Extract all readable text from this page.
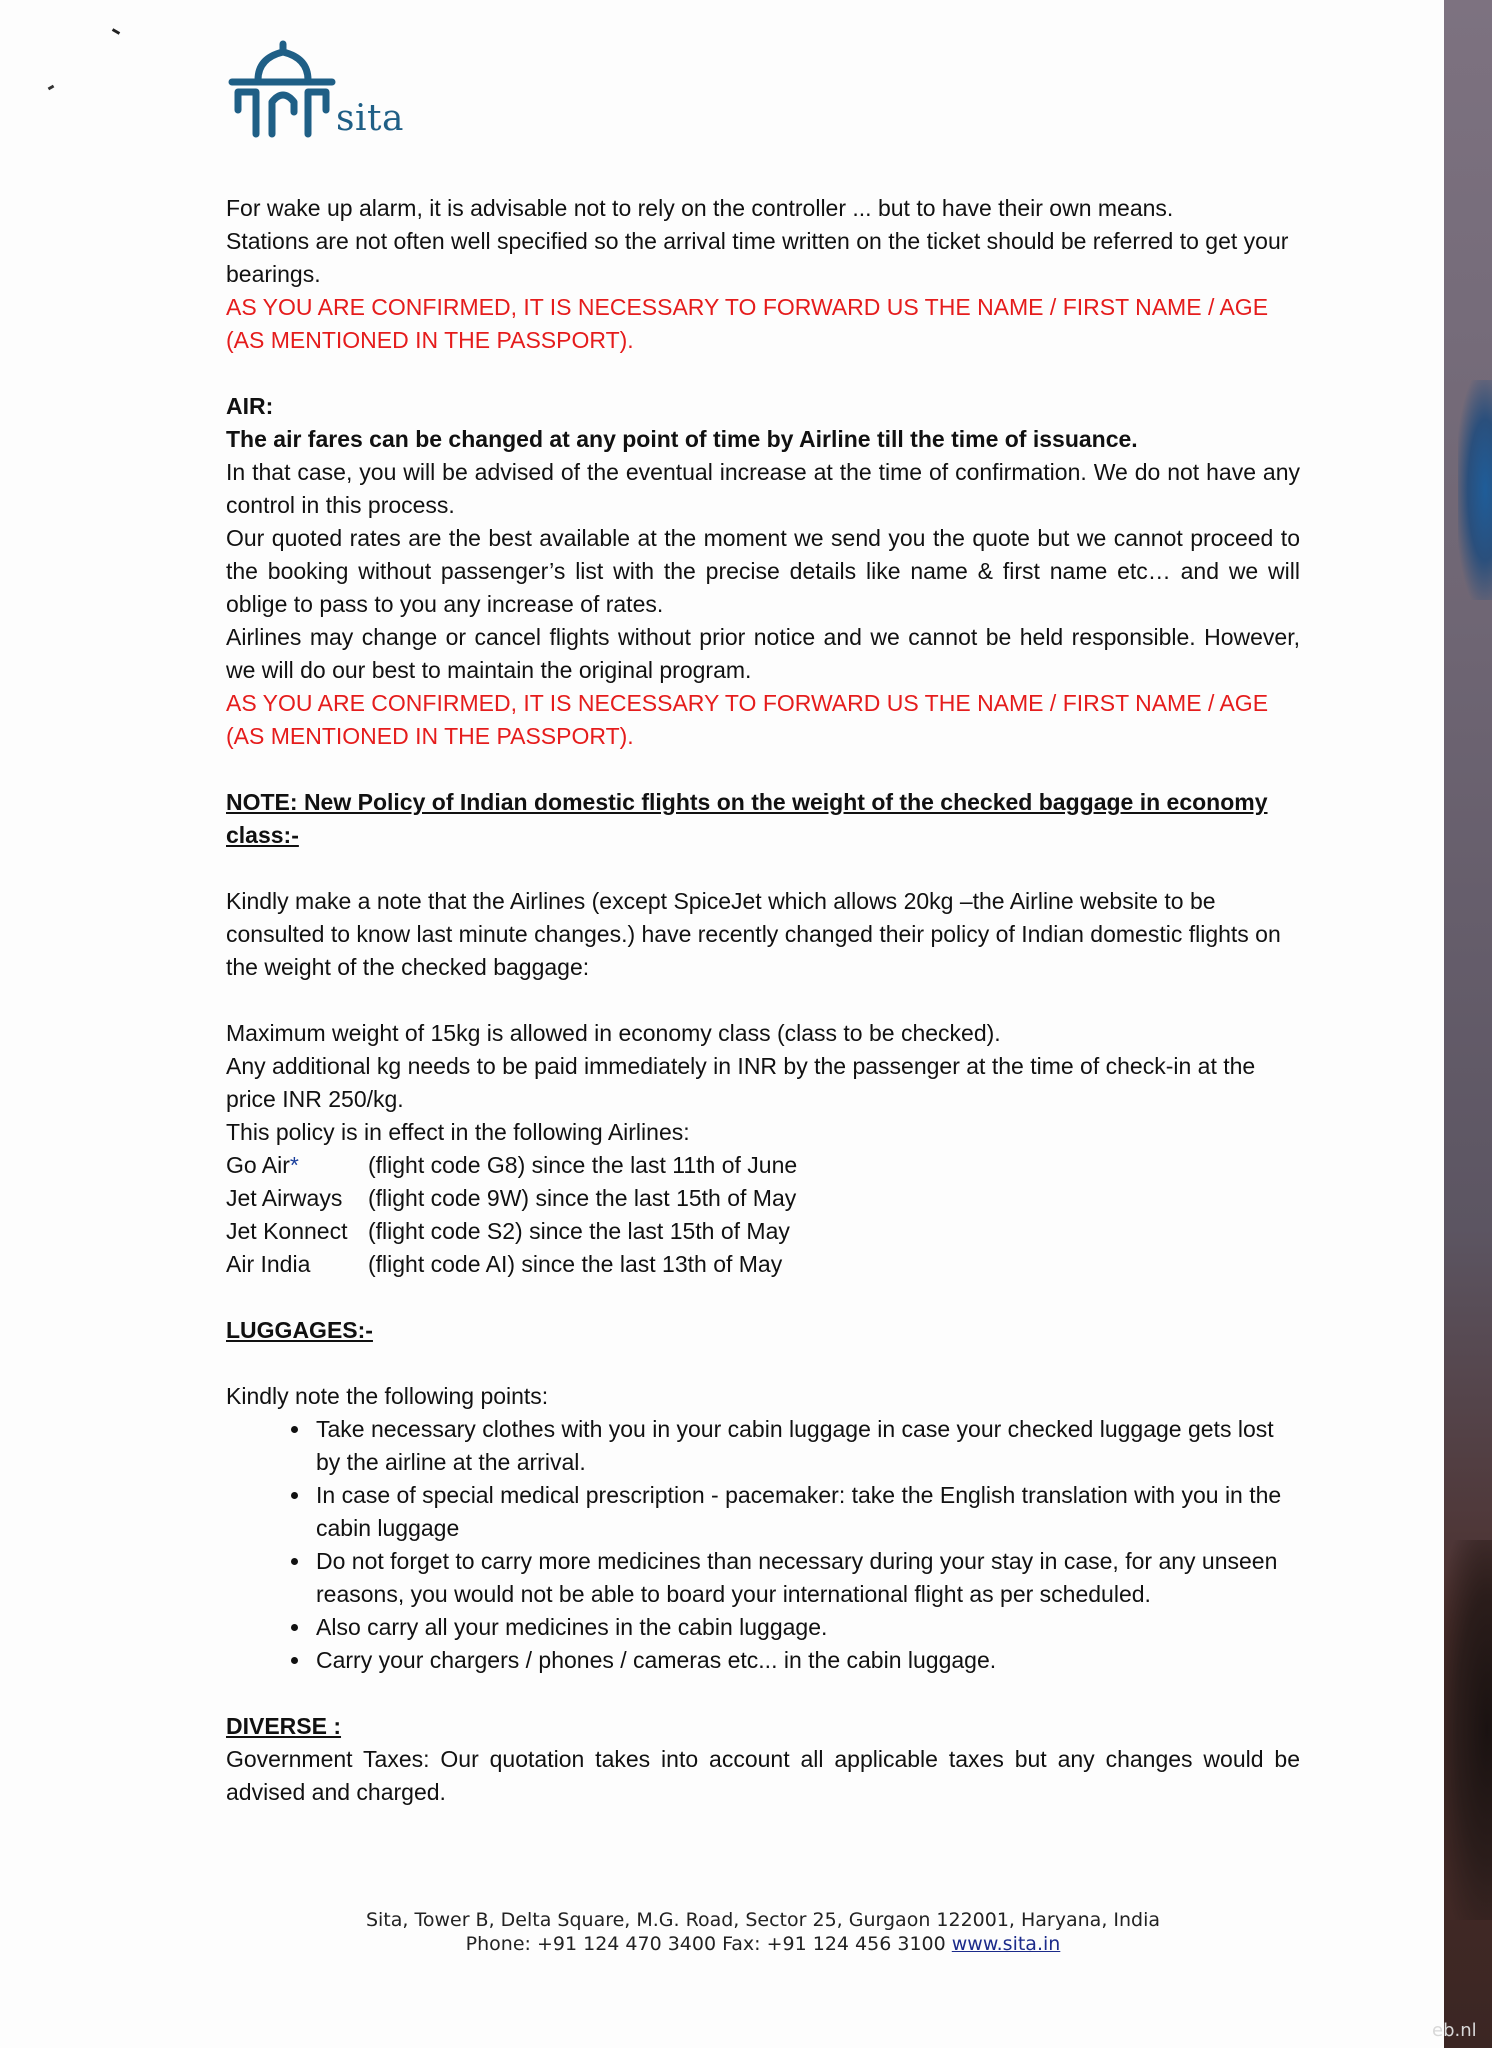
sita

For wake up alarm, it is advisable not to rely on the controller ... but to have their own means.

Stations are not often well specified so the arrival time written on the ticket should be referred to get your bearings.

AS YOU ARE CONFIRMED, IT IS NECESSARY TO FORWARD US THE NAME / FIRST NAME / AGE (AS MENTIONED IN THE PASSPORT).

AIR:

The air fares can be changed at any point of time by Airline till the time of issuance.

In that case, you will be advised of the eventual increase at the time of confirmation. We do not have any control in this process.

Our quoted rates are the best available at the moment we send you the quote but we cannot proceed to the booking without passenger’s list with the precise details like name & first name etc… and we will oblige to pass to you any increase of rates.

Airlines may change or cancel flights without prior notice and we cannot be held responsible. However, we will do our best to maintain the original program.

AS YOU ARE CONFIRMED, IT IS NECESSARY TO FORWARD US THE NAME / FIRST NAME / AGE (AS MENTIONED IN THE PASSPORT).

NOTE: New Policy of Indian domestic flights on the weight of the checked baggage in economy class:-

Kindly make a note that the Airlines (except SpiceJet which allows 20kg –the Airline website to be consulted to know last minute changes.) have recently changed their policy of Indian domestic flights on the weight of the checked baggage:

Maximum weight of 15kg is allowed in economy class (class to be checked).

Any additional kg needs to be paid immediately in INR by the passenger at the time of check-in at the price INR 250/kg.

This policy is in effect in the following Airlines:

Go Air*	(flight code G8) since the last 11th of June
Jet Airways	(flight code 9W) since the last 15th of May
Jet Konnect (flight code S2) since the last 15th of May
Air India	(flight code AI) since the last 13th of May

LUGGAGES:-

Kindly note the following points:

• Take necessary clothes with you in your cabin luggage in case your checked luggage gets lost by the airline at the arrival.
• In case of special medical prescription - pacemaker: take the English translation with you in the cabin luggage
• Do not forget to carry more medicines than necessary during your stay in case, for any unseen reasons, you would not be able to board your international flight as per scheduled.
• Also carry all your medicines in the cabin luggage.
• Carry your chargers / phones / cameras etc... in the cabin luggage.

DIVERSE :

Government Taxes: Our quotation takes into account all applicable taxes but any changes would be advised and charged.

Sita, Tower B, Delta Square, M.G. Road, Sector 25, Gurgaon 122001, Haryana, India
Phone: +91 124 470 3400 Fax: +91 124 456 3100 www.sita.in
eb.nl
